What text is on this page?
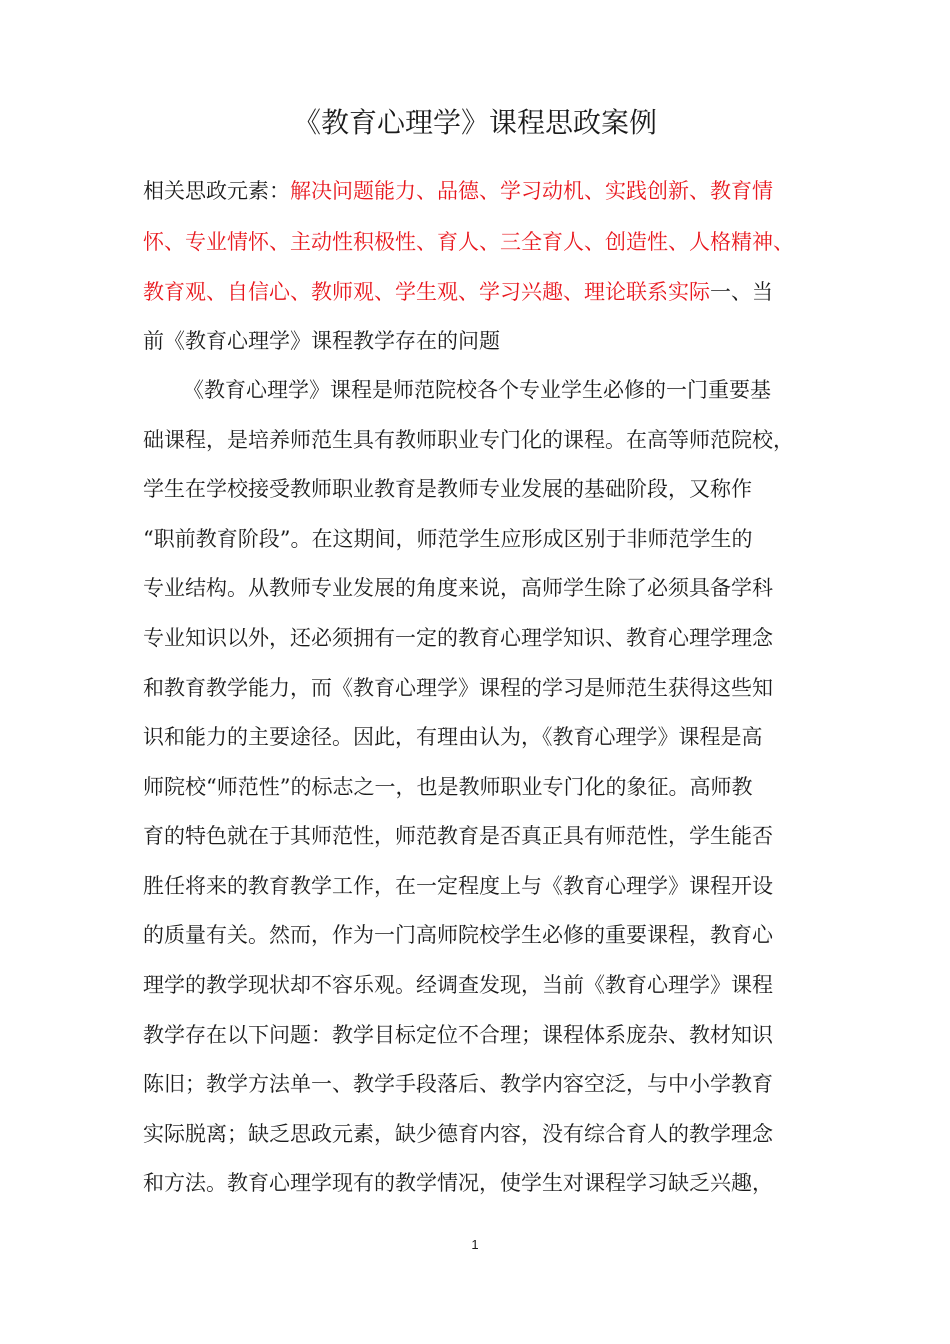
《教育心理学》课程思政案例
相关思政元素：解决问题能力、品德、学习动机、实践创新、教育情
怀、专业情怀、主动性积极性、育人、三全育人、创造性、人格精神、
教育观、自信心、教师观、学生观、学习兴趣、理论联系实际一、当
前《教育心理学》课程教学存在的问题
《教育心理学》课程是师范院校各个专业学生必修的一门重要基
础课程，是培养师范生具有教师职业专门化的课程。在高等师范院校，
学生在学校接受教师职业教育是教师专业发展的基础阶段，又称作
“职前教育阶段”。在这期间，师范学生应形成区别于非师范学生的
专业结构。从教师专业发展的角度来说，高师学生除了必须具备学科
专业知识以外，还必须拥有一定的教育心理学知识、教育心理学理念
和教育教学能力，而《教育心理学》课程的学习是师范生获得这些知
识和能力的主要途径。因此，有理由认为，《教育心理学》课程是高
师院校“师范性”的标志之一，也是教师职业专门化的象征。高师教
育的特色就在于其师范性，师范教育是否真正具有师范性，学生能否
胜任将来的教育教学工作，在一定程度上与《教育心理学》课程开设
的质量有关。然而，作为一门高师院校学生必修的重要课程，教育心
理学的教学现状却不容乐观。经调查发现，当前《教育心理学》课程
教学存在以下问题：教学目标定位不合理；课程体系庞杂、教材知识
陈旧；教学方法单一、教学手段落后、教学内容空泛，与中小学教育
实际脱离；缺乏思政元素，缺少德育内容，没有综合育人的教学理念
和方法。教育心理学现有的教学情况，使学生对课程学习缺乏兴趣，
1
